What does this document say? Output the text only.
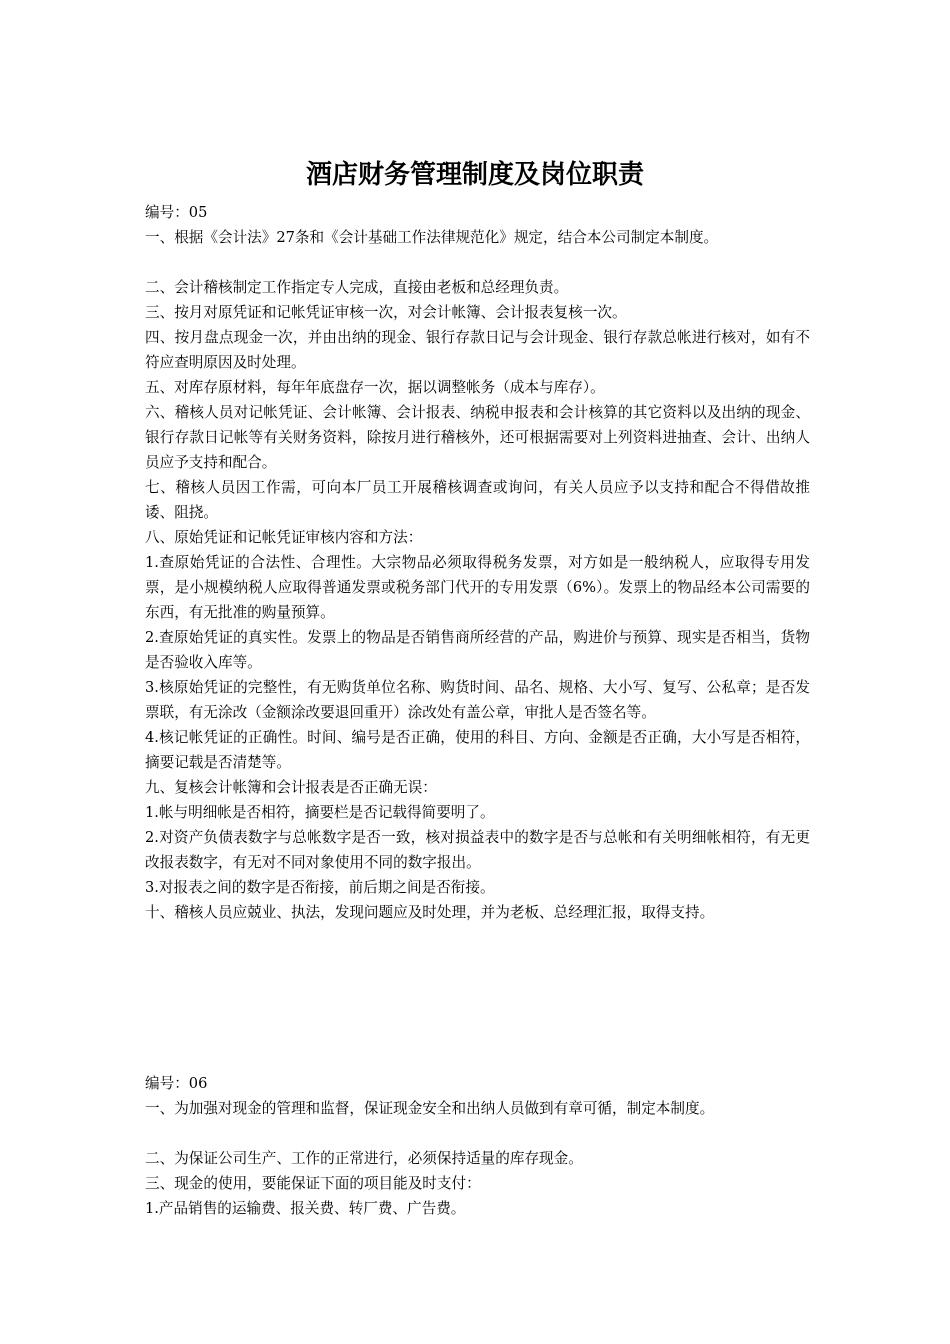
酒店财务管理制度及岗位职责

编号：05

一、根据《会计法》27条和《会计基础工作法律规范化》规定，结合本公司制定本制度。

二、会计稽核制定工作指定专人完成，直接由老板和总经理负责。

三、按月对原凭证和记帐凭证审核一次，对会计帐簿、会计报表复核一次。

四、按月盘点现金一次，并由出纳的现金、银行存款日记与会计现金、银行存款总帐进行核对，如有不符应查明原因及时处理。

五、对库存原材料，每年年底盘存一次，据以调整帐务（成本与库存）。

六、稽核人员对记帐凭证、会计帐簿、会计报表、纳税申报表和会计核算的其它资料以及出纳的现金、银行存款日记帐等有关财务资料，除按月进行稽核外，还可根据需要对上列资料进抽查、会计、出纳人员应予支持和配合。

七、稽核人员因工作需，可向本厂员工开展稽核调查或询问，有关人员应予以支持和配合不得借故推诿、阻挠。

八、原始凭证和记帐凭证审核内容和方法：

1.查原始凭证的合法性、合理性。大宗物品必须取得税务发票，对方如是一般纳税人，应取得专用发票，是小规模纳税人应取得普通发票或税务部门代开的专用发票（6%）。发票上的物品经本公司需要的东西，有无批准的购量预算。

2.查原始凭证的真实性。发票上的物品是否销售商所经营的产品，购进价与预算、现实是否相当，货物是否验收入库等。

3.核原始凭证的完整性，有无购货单位名称、购货时间、品名、规格、大小写、复写、公私章；是否发票联，有无涂改（金额涂改要退回重开）涂改处有盖公章，审批人是否签名等。

4.核记帐凭证的正确性。时间、编号是否正确，使用的科目、方向、金额是否正确，大小写是否相符，摘要记载是否清楚等。

九、复核会计帐簿和会计报表是否正确无误：

1.帐与明细帐是否相符，摘要栏是否记载得简要明了。

2.对资产负债表数字与总帐数字是否一致，核对损益表中的数字是否与总帐和有关明细帐相符，有无更改报表数字，有无对不同对象使用不同的数字报出。

3.对报表之间的数字是否衔接，前后期之间是否衔接。

十、稽核人员应兢业、执法，发现问题应及时处理，并为老板、总经理汇报，取得支持。

编号：06

一、为加强对现金的管理和监督，保证现金安全和出纳人员做到有章可循，制定本制度。

二、为保证公司生产、工作的正常进行，必须保持适量的库存现金。

三、现金的使用，要能保证下面的项目能及时支付：

1.产品销售的运输费、报关费、转厂费、广告费。
